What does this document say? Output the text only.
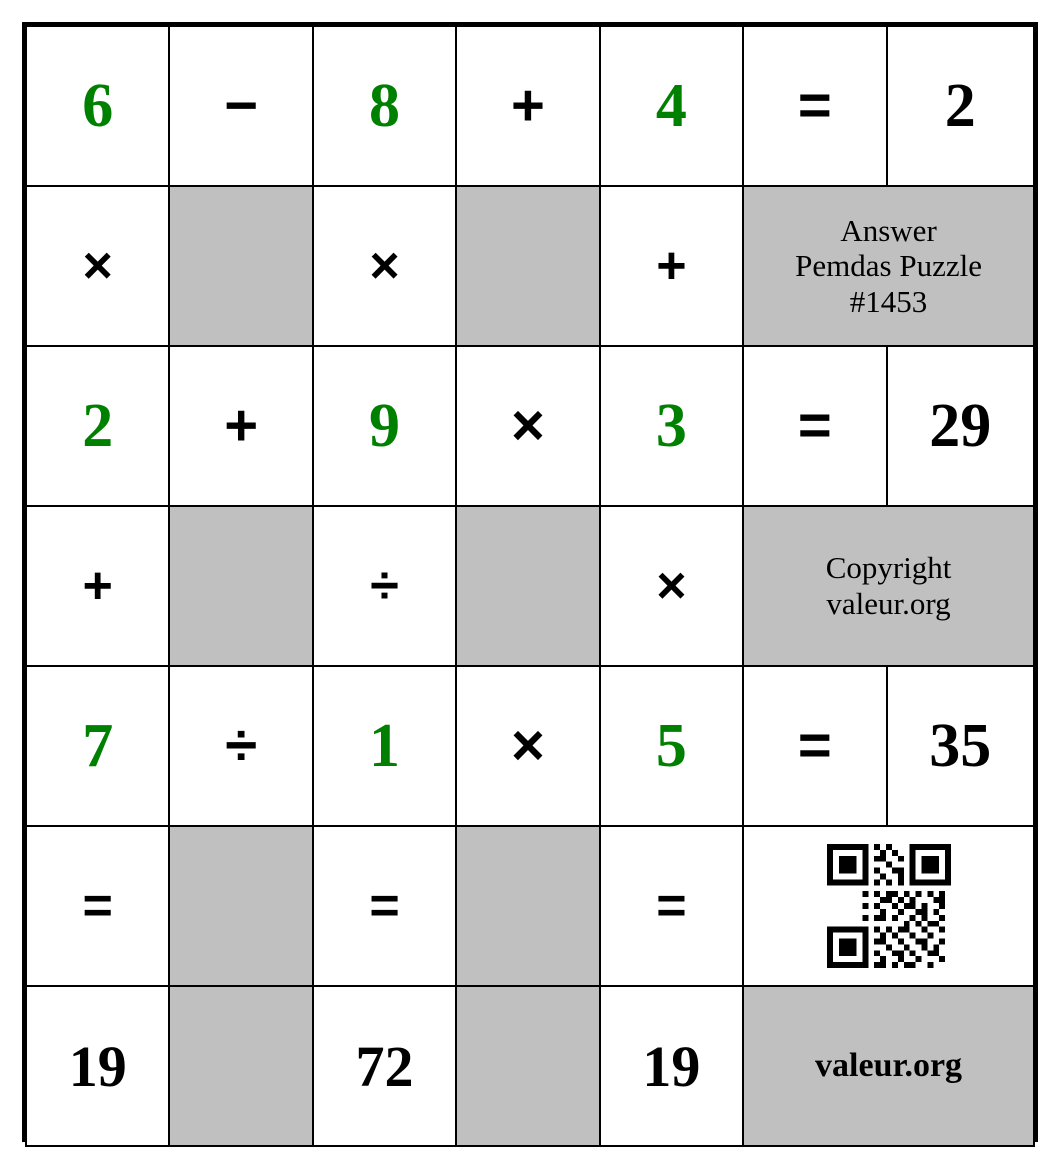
6	−	8	+	4	=	2
×		×		+	Answer
Pemdas Puzzle
#1453	

2	+	9	×	3	=	29
+		÷		×	Copyright
valeur.org	

7	÷	1	×	5	=	35
=		=		=	

19		72		19	valeur.org	
